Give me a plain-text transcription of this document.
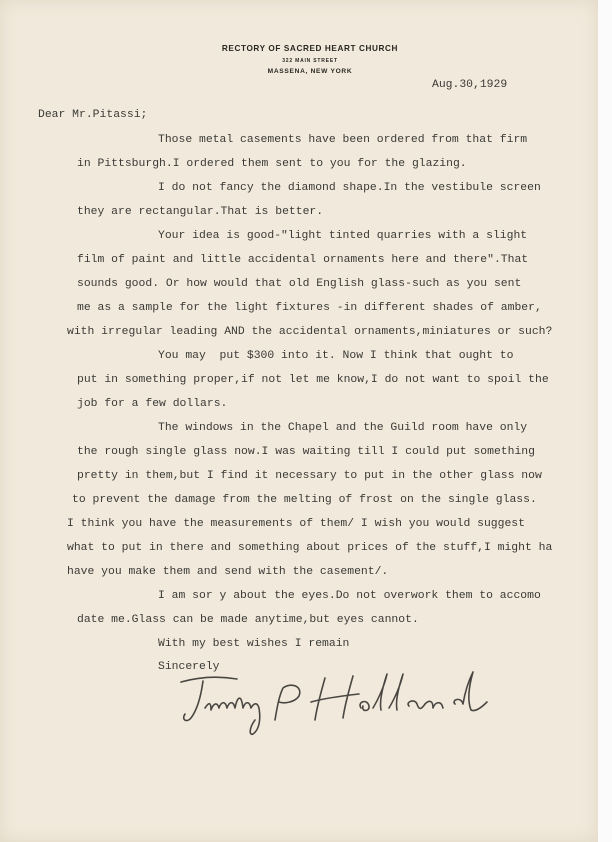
RECTORY OF SACRED HEART CHURCH
322 MAIN STREET
MASSENA, NEW YORK
Aug.30,1929
Dear Mr.Pitassi;
Those metal casements have been ordered from that firm
in Pittsburgh.I ordered them sent to you for the glazing.
I do not fancy the diamond shape.In the vestibule screen
they are rectangular.That is better.
Your idea is good-"light tinted quarries with a slight
film of paint and little accidental ornaments here and there".That
sounds good. Or how would that old English glass-such as you sent
me as a sample for the light fixtures -in different shades of amber,
with irregular leading AND the accidental ornaments,miniatures or such?
You may  put $300 into it. Now I think that ought to
put in something proper,if not let me know,I do not want to spoil the
job for a few dollars.
The windows in the Chapel and the Guild room have only
the rough single glass now.I was waiting till I could put something
pretty in them,but I find it necessary to put in the other glass now
to prevent the damage from the melting of frost on the single glass.
I think you have the measurements of them/ I wish you would suggest
what to put in there and something about prices of the stuff,I might ha
have you make them and send with the casement/.
I am sor y about the eyes.Do not overwork them to accomo
date me.Glass can be made anytime,but eyes cannot.
With my best wishes I remain
Sincerely
